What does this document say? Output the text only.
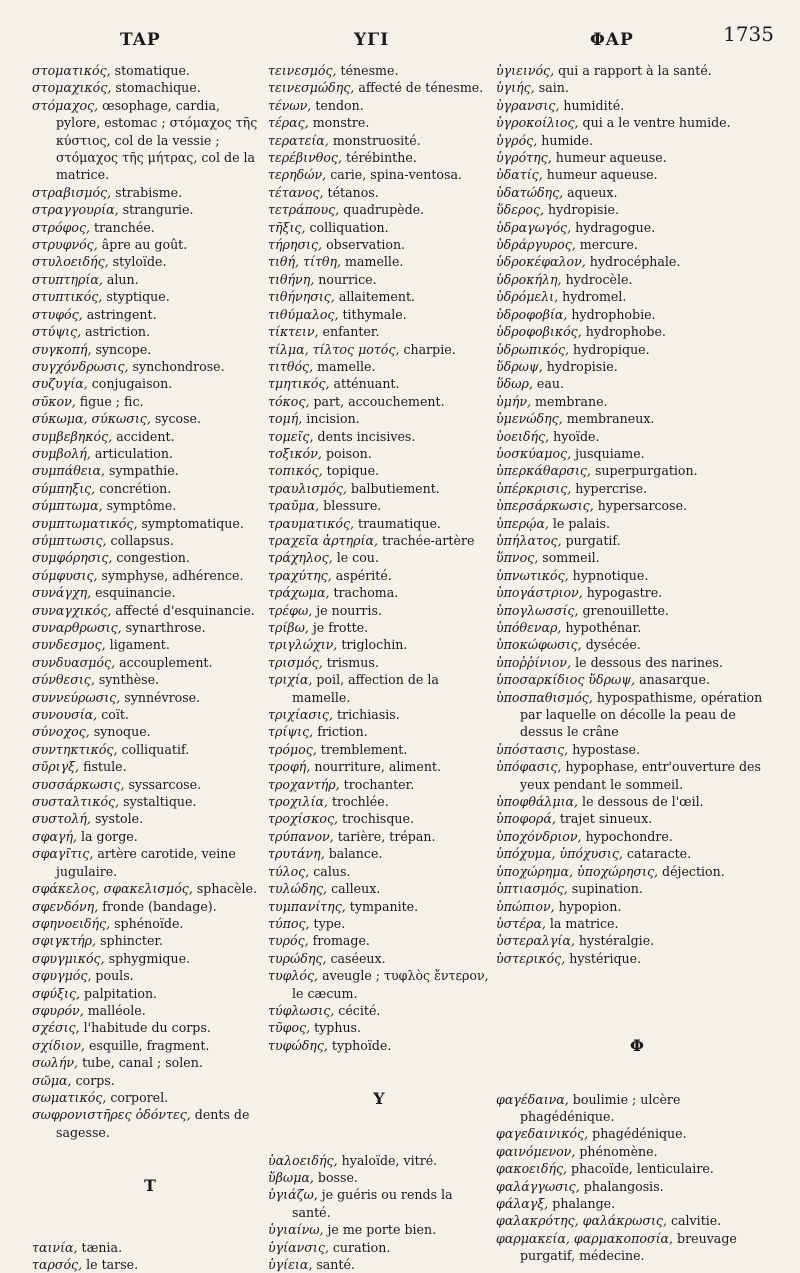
TAP	YΓI	ΦAP	1735
στοματικός, stomatique.
στομαχικός, stomachique.
στόμαχος, œsophage, cardia, pylore, estomac ; στόμαχος τῆς κύστιος, col de la vessie ; στόμαχος τῆς μήτρας, col de la matrice.
στραβισμός, strabisme.
στραγγουρία, strangurie.
στρόφος, tranchée.
στρυφνός, âpre au goût.
στυλοειδής, styloïde.
στυπτηρία, alun.
στυπτικός, styptique.
στυφός, astringent.
στύψις, astriction.
συγκοπή, syncope.
συγχόνδρωσις, synchondrose.
συζυγία, conjugaison.
σῦκον, figue ; fic.
σύκωμα, σύκωσις, sycose.
συμβεβηκός, accident.
συμβολή, articulation.
συμπάθεια, sympathie.
σύμπηξις, concrétion.
σύμπτωμα, symptôme.
συμπτωματικός, symptomatique.
σύμπτωσις, collapsus.
συμφόρησις, congestion.
σύμφυσις, symphyse, adhérence.
συνάγχη, esquinancie.
συναγχικός, affecté d'esquinancie.
συναρθρωσις, synarthrose.
συνδεσμος, ligament.
συνδυασμός, accouplement.
σύνθεσις, synthèse.
συννεύρωσις, synnévrose.
συνουσία, coït.
σύνοχος, synoque.
συντηκτικός, colliquatif.
σῦριγξ, fistule.
συσσάρκωσις, syssarcose.
συσταλτικός, systaltique.
συστολή, systole.
σφαγή, la gorge.
σφαγῖτις, artère carotide, veine jugulaire.
σφάκελος, σφακελισμός, sphacèle.
σφενδόνη, fronde (bandage).
σφηνοειδής, sphénoïde.
σφιγκτήρ, sphincter.
σφυγμικός, sphygmique.
σφυγμός, pouls.
σφύξις, palpitation.
σφυρόν, malléole.
σχέσις, l'habitude du corps.
σχίδιον, esquille, fragment.
σωλήν, tube, canal ; solen.
σῶμα, corps.
σωματικός, corporel.
σωφρονιστῆρες ὀδόντες, dents de sagesse.
T
ταινία, tænia.
ταρσός, le tarse.
τεινεσμός, ténesme.
τεινεσμώδης, affecté de ténesme.
τένων, tendon.
τέρας, monstre.
τερατεία, monstruosité.
τερέβινθος, térébinthe.
τερηδών, carie, spina-ventosa.
τέτανος, tétanos.
τετράπους, quadrupède.
τῆξις, colliquation.
τήρησις, observation.
τιθή, τίτθη, mamelle.
τιθήνη, nourrice.
τιθήνησις, allaitement.
τιθύμαλος, tithymale.
τίκτειν, enfanter.
τίλμα, τίλτος μοτός, charpie.
τιτθός, mamelle.
τμητικός, atténuant.
τόκος, part, accouchement.
τομή, incision.
τομεῖς, dents incisives.
τοξικόν, poison.
τοπικός, topique.
τραυλισμός, balbutiement.
τραῦμα, blessure.
τραυματικός, traumatique.
τραχεῖα ἀρτηρία, trachée-artère
τράχηλος, le cou.
τραχύτης, aspérité.
τράχωμα, trachoma.
τρέφω, je nourris.
τρίβω, je frotte.
τριγλώχιν, triglochin.
τρισμός, trismus.
τριχία, poil, affection de la mamelle.
τριχίασις, trichiasis.
τρίψις, friction.
τρόμος, tremblement.
τροφή, nourriture, aliment.
τροχαντήρ, trochanter.
τροχιλία, trochlée.
τροχίσκος, trochisque.
τρύπανον, tarière, trépan.
τρυτάνη, balance.
τύλος, calus.
τυλώδης, calleux.
τυμπανίτης, tympanite.
τύπος, type.
τυρός, fromage.
τυρώδης, caséeux.
τυφλός, aveugle ; τυφλὸς ἔντερον, le cæcum.
τύφλωσις, cécité.
τῦφος, typhus.
τυφώδης, typhoïde.
Y
ὑαλοειδής, hyaloïde, vitré.
ὕβωμα, bosse.
ὑγιάζω, je guéris ou rends la santé.
ὑγιαίνω, je me porte bien.
ὑγίανσις, curation.
ὑγίεια, santé.
ὑγιεινός, qui a rapport à la santé.
ὑγιής, sain.
ὑγρανσις, humidité.
ὑγροκοίλιος, qui a le ventre humide.
ὑγρός, humide.
ὑγρότης, humeur aqueuse.
ὑδατίς, humeur aqueuse.
ὑδατώδης, aqueux.
ὕδερος, hydropisie.
ὑδραγωγός, hydragogue.
ὑδράργυρος, mercure.
ὑδροκέφαλον, hydrocéphale.
ὑδροκήλη, hydrocèle.
ὑδρόμελι, hydromel.
ὑδροφοβία, hydrophobie.
ὑδροφοβικός, hydrophobe.
ὑδρωπικός, hydropique.
ὕδρωψ, hydropisie.
ὕδωρ, eau.
ὑμήν, membrane.
ὑμενώδης, membraneux.
ὑοειδής, hyoïde.
ὑοσκύαμος, jusquiame.
ὑπερκάθαρσις, superpurgation.
ὑπέρκρισις, hypercrise.
ὑπερσάρκωσις, hypersarcose.
ὑπερῴα, le palais.
ὑπήλατος, purgatif.
ὕπνος, sommeil.
ὑπνωτικός, hypnotique.
ὑπογάστριον, hypogastre.
ὑπογλωσσίς, grenouillette.
ὑπόθεναρ, hypothénar.
ὑποκώφωσις, dysécée.
ὑποῤῥίνιον, le dessous des narines.
ὑποσαρκίδιος ὕδρωψ, anasarque.
ὑποσπαθισμός, hypospathisme, opération par laquelle on décolle la peau de dessus le crâne
ὑπόστασις, hypostase.
ὑπόφασις, hypophase, entr'ouverture des yeux pendant le sommeil.
ὑποφθάλμια, le dessous de l'œil.
ὑποφορά, trajet sinueux.
ὑποχόνδριον, hypochondre.
ὑπόχυμα, ὑπόχυσις, cataracte.
ὑποχώρημα, ὑποχώρησις, déjection.
ὑπτιασμός, supination.
ὑπώπιον, hypopion.
ὑστέρα, la matrice.
ὑστεραλγία, hystéralgie.
ὑστερικός, hystérique.
Φ
φαγέδαινα, boulimie ; ulcère phagédénique.
φαγεδαινικός, phagédénique.
φαινόμενον, phénomène.
φακοειδής, phacoïde, lenticulaire.
φαλάγγωσις, phalangosis.
φάλαγξ, phalange.
φαλακρότης, φαλάκρωσις, calvitie.
φαρμακεία, φαρμακοποσία, breuvage purgatif, médecine.
